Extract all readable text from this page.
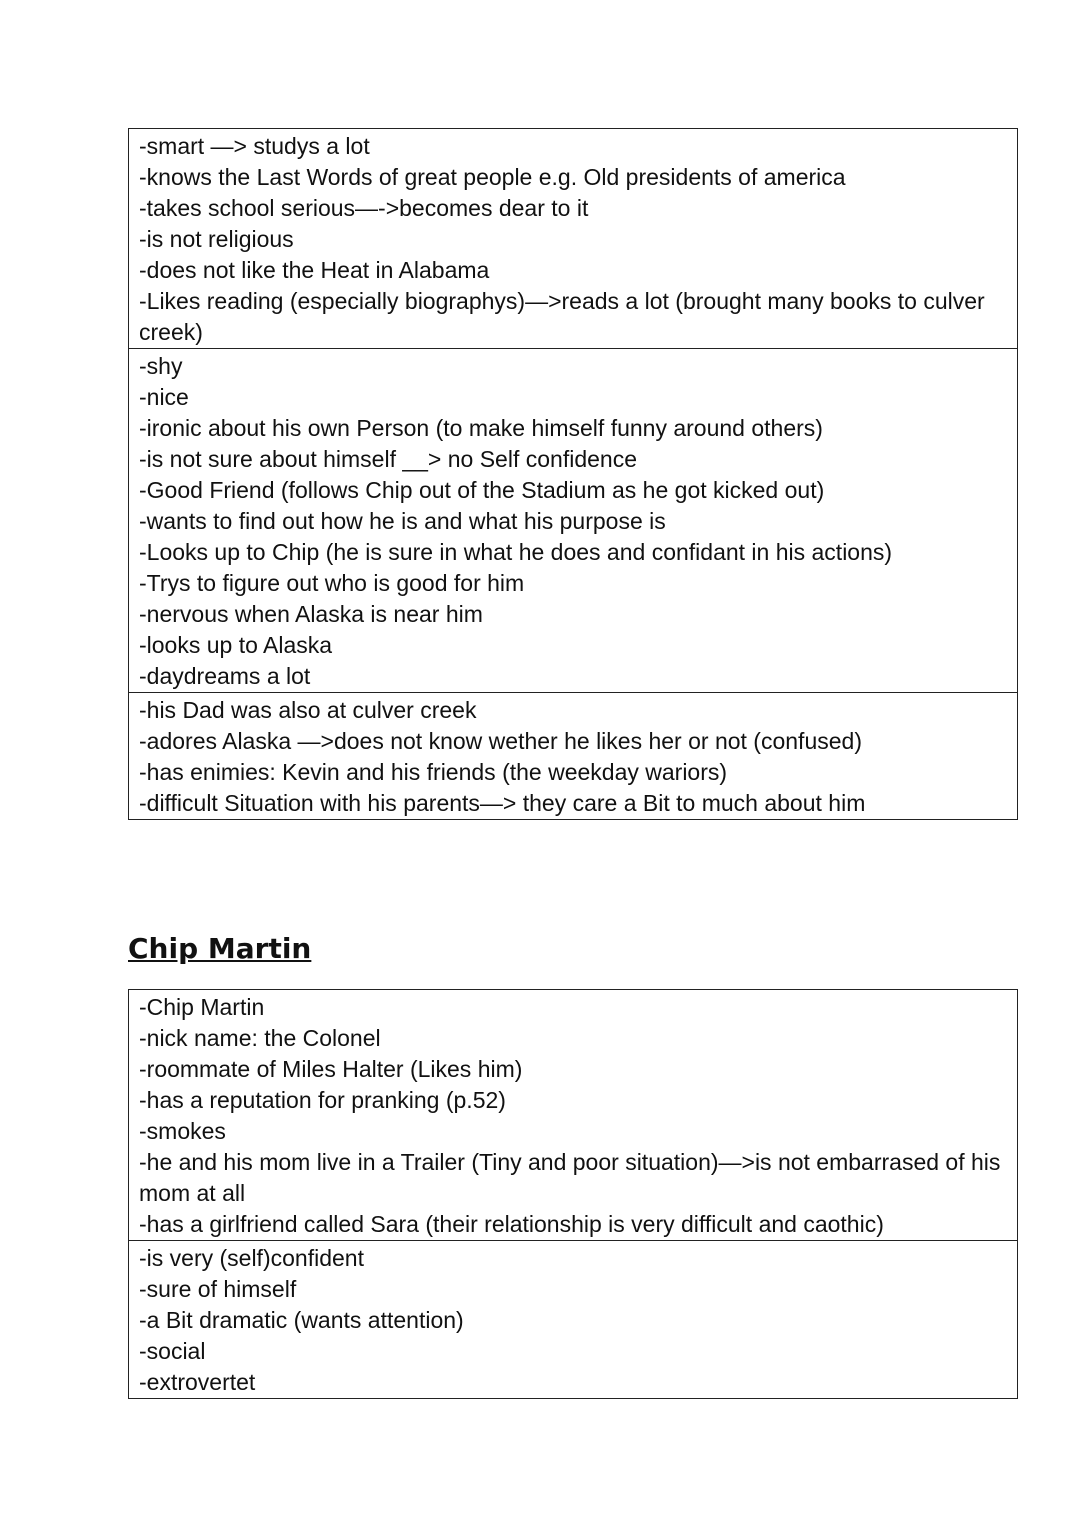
-smart —> studys a lot
-knows the Last Words of great people e.g. Old presidents of america
-takes school serious—->becomes dear to it
-is not religious
-does not like the Heat in Alabama
-Likes reading (especially biographys)—>reads a lot (brought many books to culver creek)
-shy
-nice
-ironic about his own Person (to make himself funny around others)
-is not sure about himself __> no Self confidence
-Good Friend (follows Chip out of the Stadium as he got kicked out)
-wants to find out how he is and what his purpose is
-Looks up to Chip (he is sure in what he does and confidant in his actions)
-Trys to figure out who is good for him
-nervous when Alaska is near him
-looks up to Alaska
-daydreams a lot
-his Dad was also at culver creek
-adores Alaska —>does not know wether he likes her or not (confused)
-has enimies: Kevin and his friends (the weekday wariors)
-difficult Situation with his parents—> they care a Bit to much about him
Chip Martin
-Chip Martin
-nick name: the Colonel
-roommate of Miles Halter (Likes him)
-has a reputation for pranking (p.52)
-smokes
-he and his mom live in a Trailer (Tiny and poor situation)—>is not embarrased of his mom at all
-has a girlfriend called Sara (their relationship is very difficult and caothic)
-is very (self)confident
-sure of himself
-a Bit dramatic (wants attention)
-social
-extrovertet
